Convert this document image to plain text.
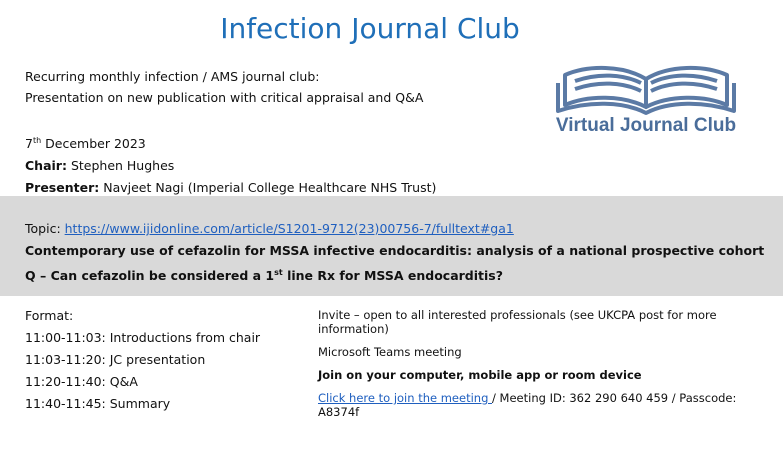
Infection Journal Club
Recurring monthly infection / AMS journal club:
Presentation on new publication with critical appraisal and Q&A
7th December 2023
Chair: Stephen Hughes
Presenter: Navjeet Nagi (Imperial College Healthcare NHS Trust)
Virtual Journal Club
Topic: https://www.ijidonline.com/article/S1201-9712(23)00756-7/fulltext#ga1
Contemporary use of cefazolin for MSSA infective endocarditis: analysis of a national prospective cohort
Q – Can cefazolin be considered a 1st line Rx for MSSA endocarditis?
Format:
11:00-11:03: Introductions from chair
11:03-11:20: JC presentation
11:20-11:40: Q&A
11:40-11:45: Summary

Invite – open to all interested professionals (see UKCPA post for more information)

Microsoft Teams meeting

Join on your computer, mobile app or room device

Click here to join the meeting / Meeting ID: 362 290 640 459 / Passcode: A8374f
